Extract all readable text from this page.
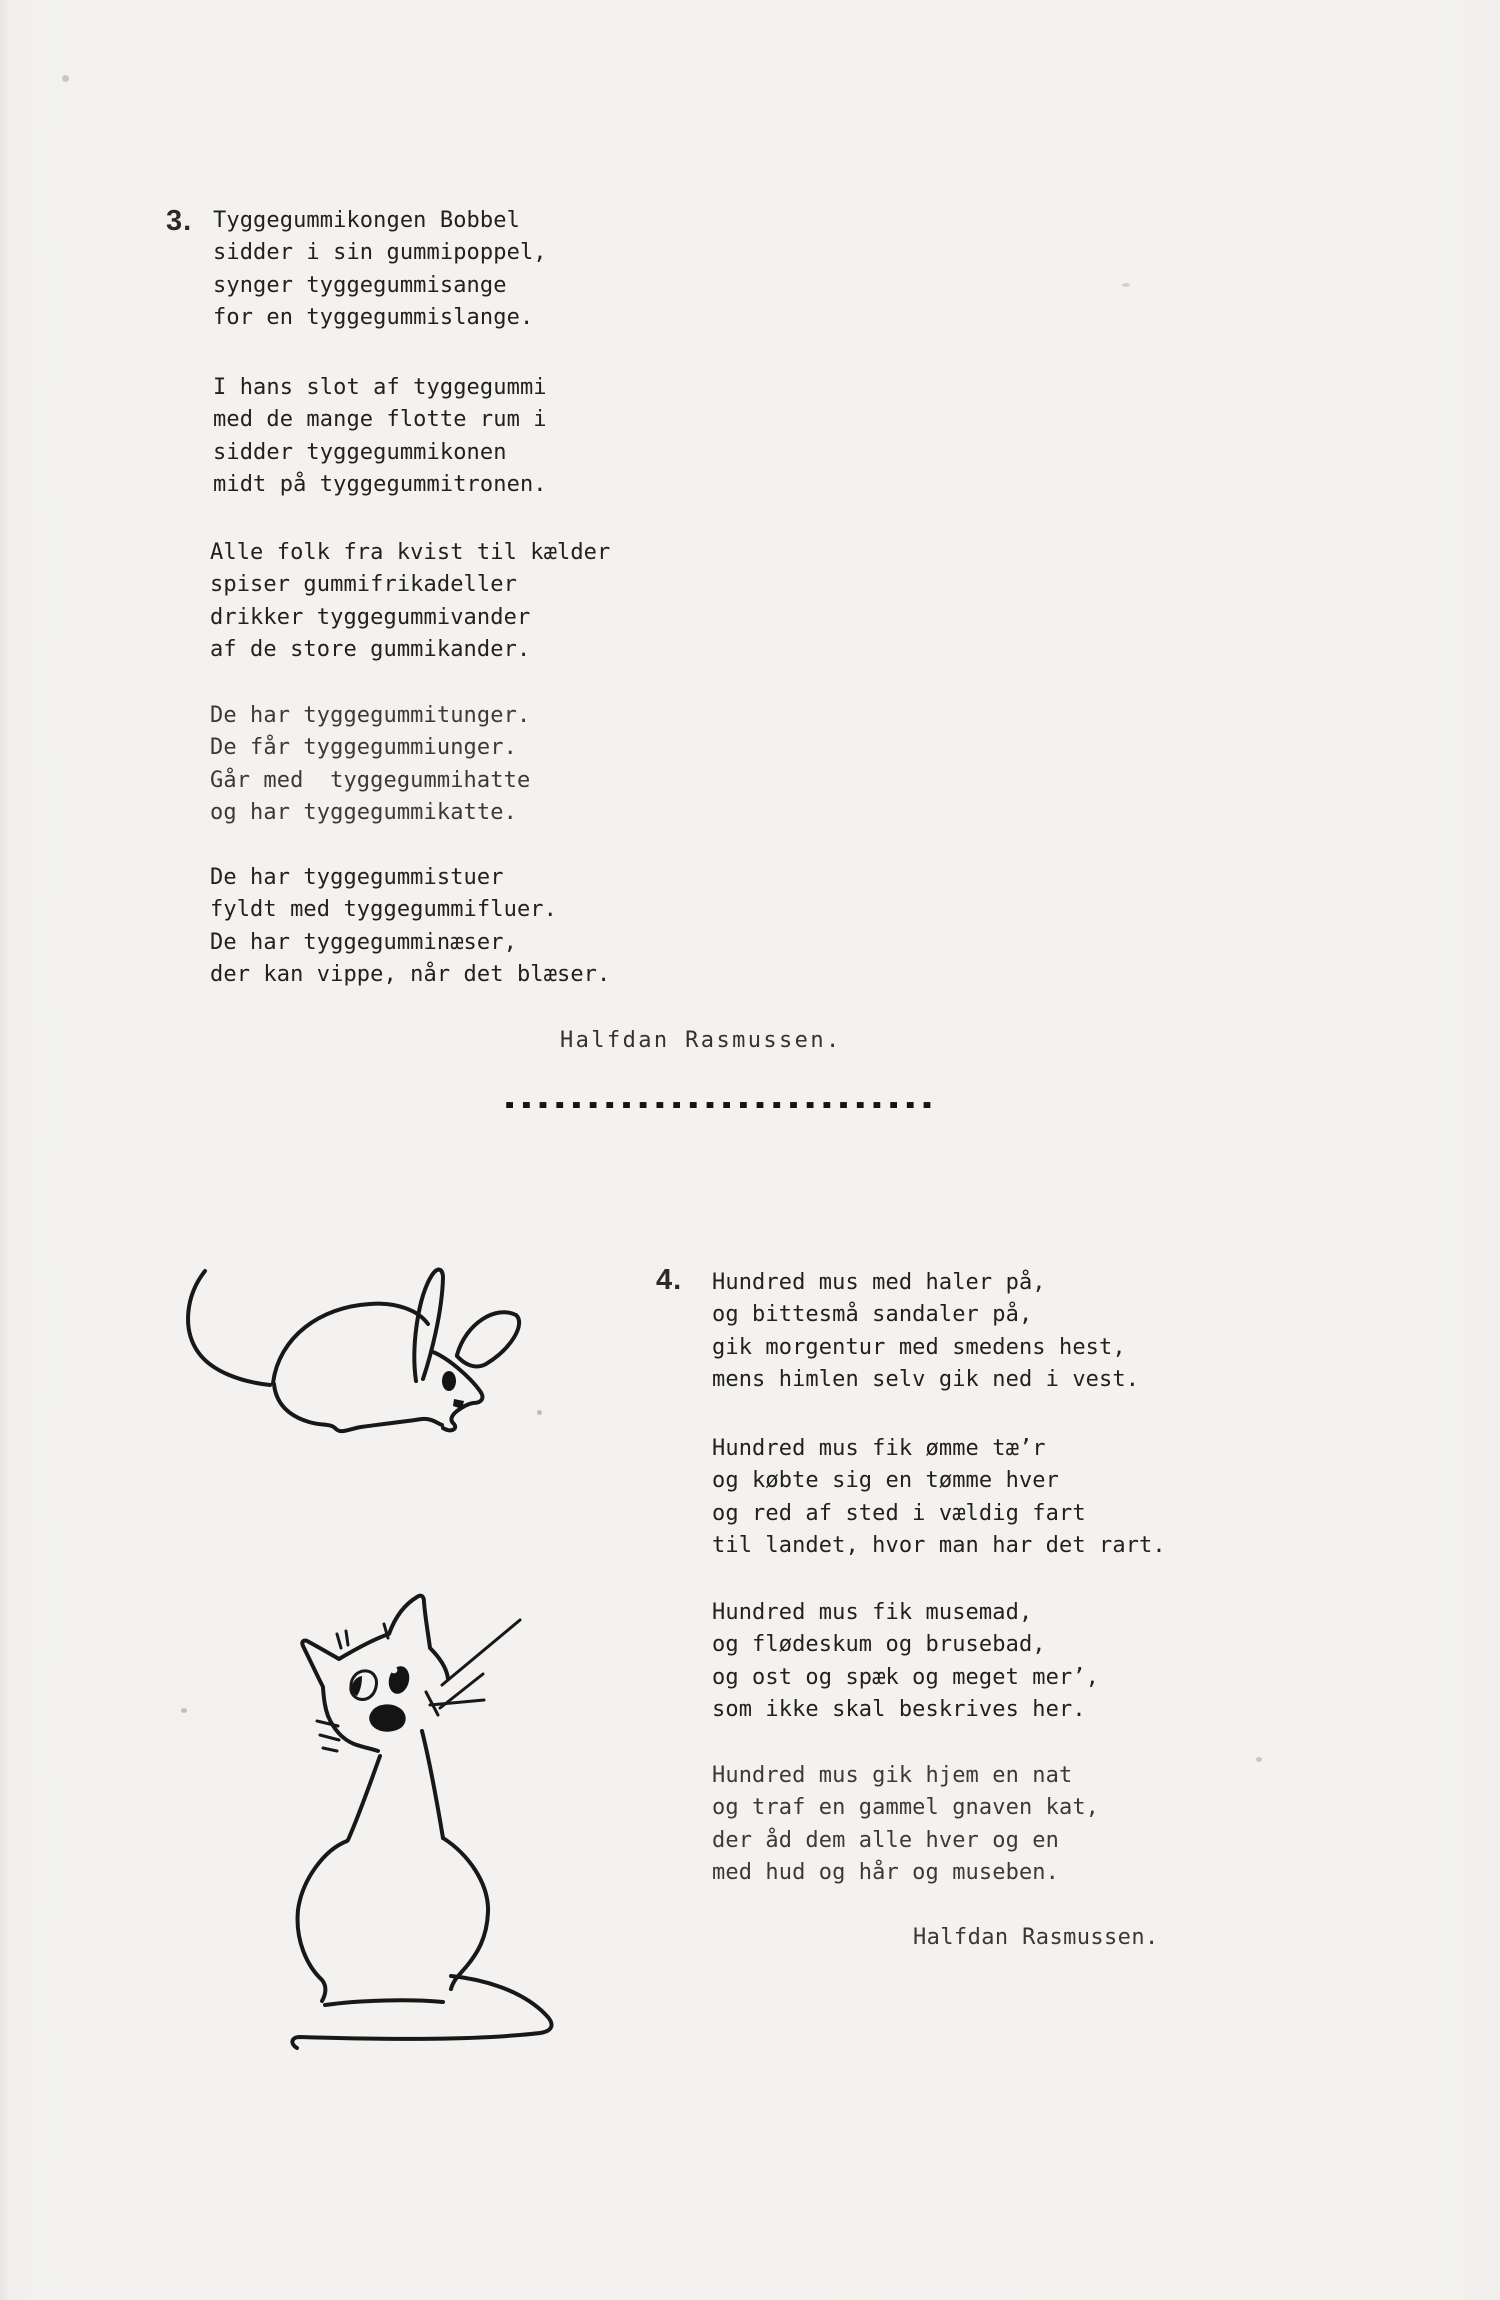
3. Tyggegummikongen Bobbel
sidder i sin gummipoppel,
synger tyggegummisange
for en tyggegummislange.
I hans slot af tyggegummi
med de mange flotte rum i
sidder tyggegummikonen
midt på tyggegummitronen.
Alle folk fra kvist til kælder
spiser gummifrikadeller
drikker tyggegummivander
af de store gummikander.
De har tyggegummitunger.
De får tyggegummiunger.
Går med  tyggegummihatte
og har tyggegummikatte.
De har tyggegummistuer
fyldt med tyggegummifluer.
De har tyggegumminæser,
der kan vippe, når det blæser.
Halfdan Rasmussen.
--------------------------
4. Hundred mus med haler på,
og bittesmå sandaler på,
gik morgentur med smedens hest,
mens himlen selv gik ned i vest.
Hundred mus fik ømme tæ’r
og købte sig en tømme hver
og red af sted i vældig fart
til landet, hvor man har det rart.
Hundred mus fik musemad,
og flødeskum og brusebad,
og ost og spæk og meget mer’,
som ikke skal beskrives her.
Hundred mus gik hjem en nat
og traf en gammel gnaven kat,
der åd dem alle hver og en
med hud og hår og museben.
Halfdan Rasmussen.
